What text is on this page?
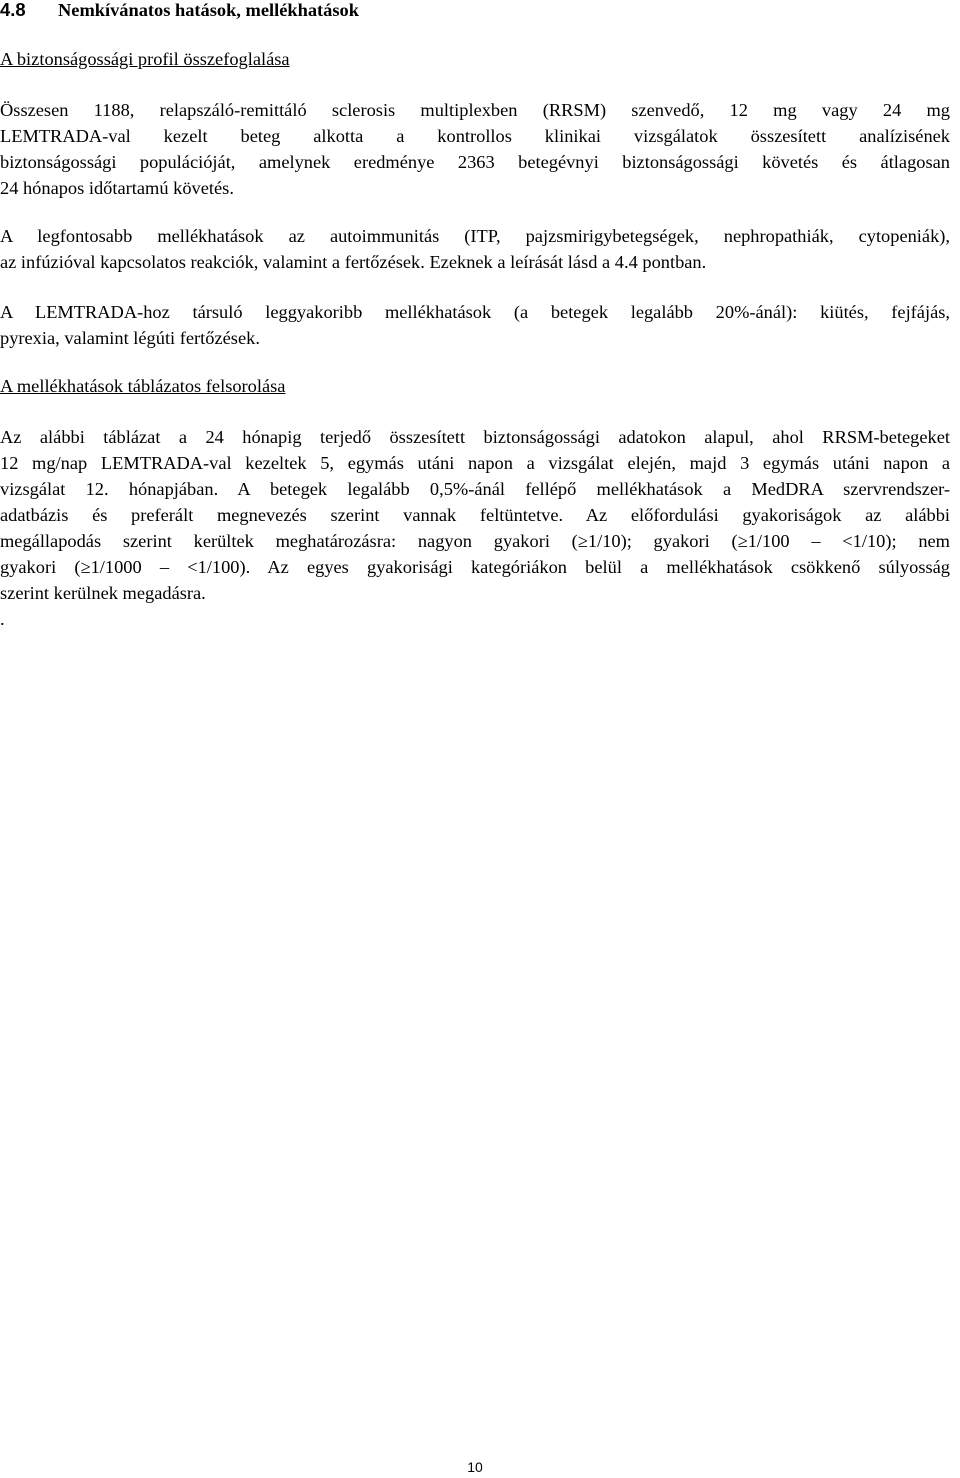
4.8 Nemkívánatos hatások, mellékhatások
A biztonságossági profil összefoglalása
Összesen 1188, relapszáló-remittáló sclerosis multiplexben (RRSM) szenvedő, 12 mg vagy 24 mg
LEMTRADA-val kezelt beteg alkotta a kontrollos klinikai vizsgálatok összesített analízisének
biztonságossági populációját, amelynek eredménye 2363 betegévnyi biztonságossági követés és átlagosan
24 hónapos időtartamú követés.
A legfontosabb mellékhatások az autoimmunitás (ITP, pajzsmirigybetegségek, nephropathiák, cytopeniák),
az infúzióval kapcsolatos reakciók, valamint a fertőzések. Ezeknek a leírását lásd a 4.4 pontban.
A LEMTRADA-hoz társuló leggyakoribb mellékhatások (a betegek legalább 20%-ánál): kiütés, fejfájás,
pyrexia, valamint légúti fertőzések.
A mellékhatások táblázatos felsorolása
Az alábbi táblázat a 24 hónapig terjedő összesített biztonságossági adatokon alapul, ahol RRSM-betegeket
12 mg/nap LEMTRADA-val kezeltek 5, egymás utáni napon a vizsgálat elején, majd 3 egymás utáni napon a
vizsgálat 12. hónapjában. A betegek legalább 0,5%-ánál fellépő mellékhatások a MedDRA szervrendszer-
adatbázis és preferált megnevezés szerint vannak feltüntetve. Az előfordulási gyakoriságok az alábbi
megállapodás szerint kerültek meghatározásra: nagyon gyakori (≥1/10); gyakori (≥1/100 – <1/10); nem
gyakori (≥1/1000 – <1/100). Az egyes gyakorisági kategóriákon belül a mellékhatások csökkenő súlyosság
szerint kerülnek megadásra.
.
10
